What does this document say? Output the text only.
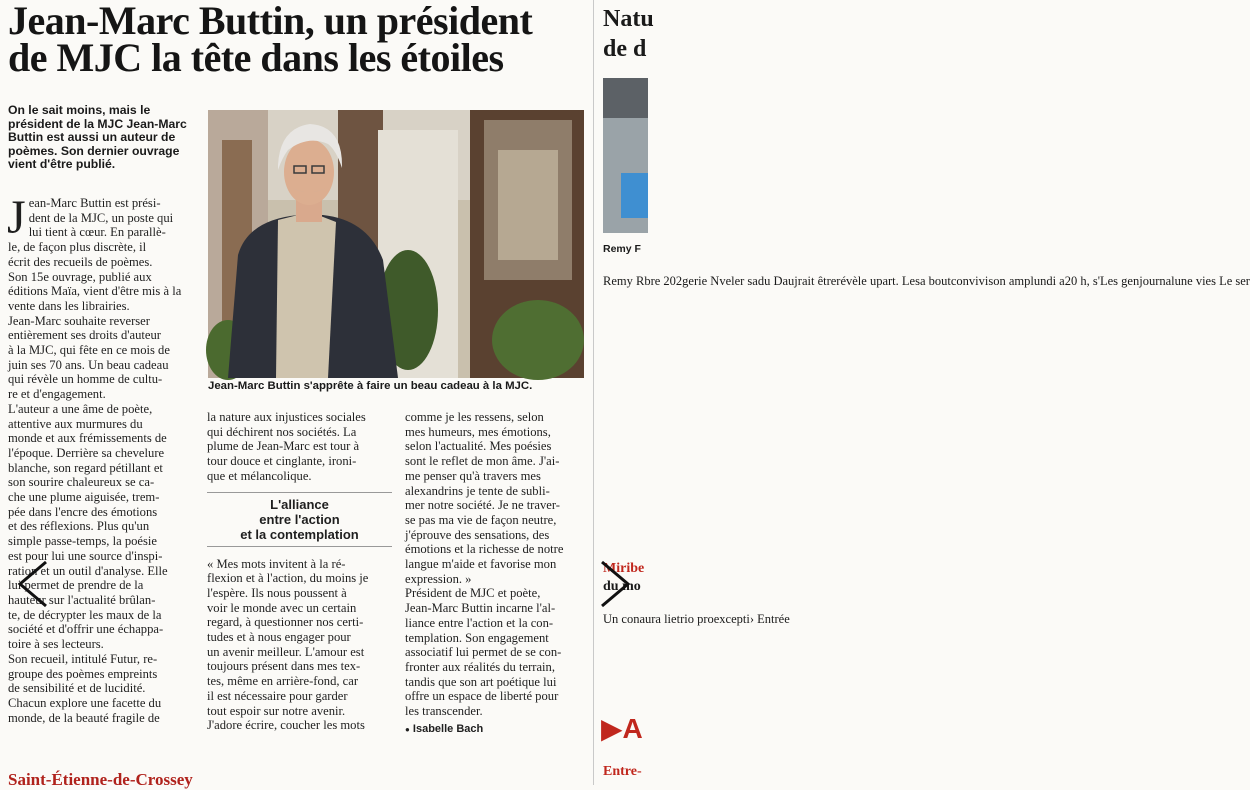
Jean-Marc Buttin, un président
de MJC la tête dans les étoiles
On le sait moins, mais le
président de la MJC Jean-Marc
Buttin est aussi un auteur de
poèmes. Son dernier ouvrage
vient d'être publié.
J ean-Marc Buttin est prési-
dent de la MJC, un poste qui
lui tient à cœur. En parallè-
le, de façon plus discrète, il
écrit des recueils de poèmes.
Son 15e ouvrage, publié aux
éditions Maïa, vient d'être mis à la
vente dans les librairies.
Jean-Marc souhaite reverser
entièrement ses droits d'auteur
à la MJC, qui fête en ce mois de
juin ses 70 ans. Un beau cadeau
qui révèle un homme de cultu-
re et d'engagement.
L'auteur a une âme de poète,
attentive aux murmures du
monde et aux frémissements de
l'époque. Derrière sa chevelure
blanche, son regard pétillant et
son sourire chaleureux se ca-
che une plume aiguisée, trem-
pée dans l'encre des émotions
et des réflexions. Plus qu'un
simple passe-temps, la poésie
est pour lui une source d'inspi-
ration et un outil d'analyse. Elle
lui permet de prendre de la
hauteur sur l'actualité brûlan-
te, de décrypter les maux de la
société et d'offrir une échappa-
toire à ses lecteurs.
Son recueil, intitulé Futur, re-
groupe des poèmes empreints
de sensibilité et de lucidité.
Chacun explore une facette du
monde, de la beauté fragile de
Jean-Marc Buttin s'apprête à faire un beau cadeau à la MJC.
la nature aux injustices sociales
qui déchirent nos sociétés. La
plume de Jean-Marc est tour à
tour douce et cinglante, ironi-
que et mélancolique.
L'alliance
entre l'action
et la contemplation
« Mes mots invitent à la ré-
flexion et à l'action, du moins je
l'espère. Ils nous poussent à
voir le monde avec un certain
regard, à questionner nos certi-
tudes et à nous engager pour
un avenir meilleur. L'amour est
toujours présent dans mes tex-
tes, même en arrière-fond, car
il est nécessaire pour garder
tout espoir sur notre avenir.
J'adore écrire, coucher les mots
comme je les ressens, selon
mes humeurs, mes émotions,
selon l'actualité. Mes poésies
sont le reflet de mon âme. J'ai-
me penser qu'à travers mes
alexandrins je tente de subli-
mer notre société. Je ne traver-
se pas ma vie de façon neutre,
j'éprouve des sensations, des
émotions et la richesse de notre
langue m'aide et favorise mon
expression. »
Président de MJC et poète,
Jean-Marc Buttin incarne l'al-
liance entre l'action et la con-
templation. Son engagement
associatif lui permet de se con-
fronter aux réalités du terrain,
tandis que son art poétique lui
offre un espace de liberté pour
les transcender.
● Isabelle Bach
Saint-Étienne-de-Crossey
Natu
de d
Remy F
Remy Rbre 202gerie Nveler sadu Daujrait êtrerévèle upart. Lesa boutconvivison amplundi a20 h, s'Les genjournalune vies Le ser
Miribe
du mo
Un conaura lietrio proexcepti› Entrée
▶A
Entre-
